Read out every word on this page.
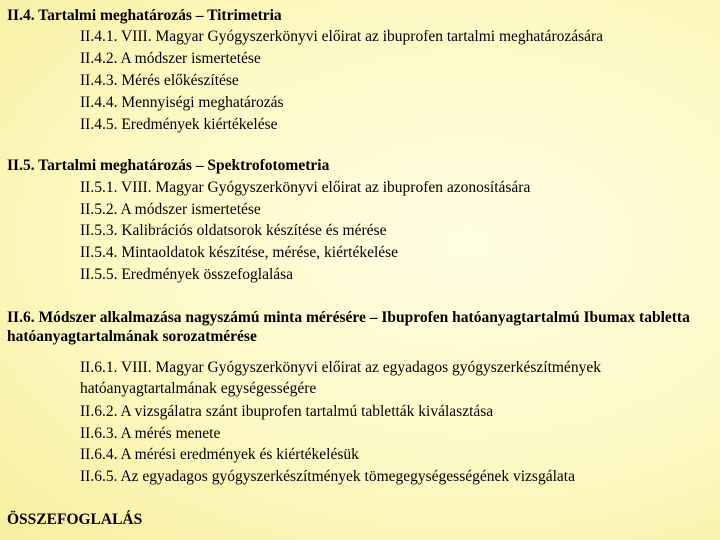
II.4. Tartalmi meghatározás – Titrimetria

II.4.1. VIII. Magyar Gyógyszerkönyvi előirat az ibuprofen tartalmi meghatározására

II.4.2. A módszer ismertetése

II.4.3. Mérés előkészítése

II.4.4. Mennyiségi meghatározás

II.4.5. Eredmények kiértékelése

II.5. Tartalmi meghatározás – Spektrofotometria

II.5.1. VIII. Magyar Gyógyszerkönyvi előirat az ibuprofen azonosítására

II.5.2. A módszer ismertetése

II.5.3. Kalibrációs oldatsorok készítése és mérése

II.5.4. Mintaoldatok készítése, mérése, kiértékelése

II.5.5. Eredmények összefoglalása

II.6. Módszer alkalmazása nagyszámú minta mérésére – Ibuprofen hatóanyagtartalmú Ibumax tabletta hatóanyagtartalmának sorozatmérése

II.6.1. VIII. Magyar Gyógyszerkönyvi előirat az egyadagos gyógyszerkészítmények hatóanyagtartalmának egységességére

II.6.2. A vizsgálatra szánt ibuprofen tartalmú tabletták kiválasztása

II.6.3. A mérés menete

II.6.4. A mérési eredmények és kiértékelésük

II.6.5. Az egyadagos gyógyszerkészítmények tömegegységességének vizsgálata

ÖSSZEFOGLALÁS
